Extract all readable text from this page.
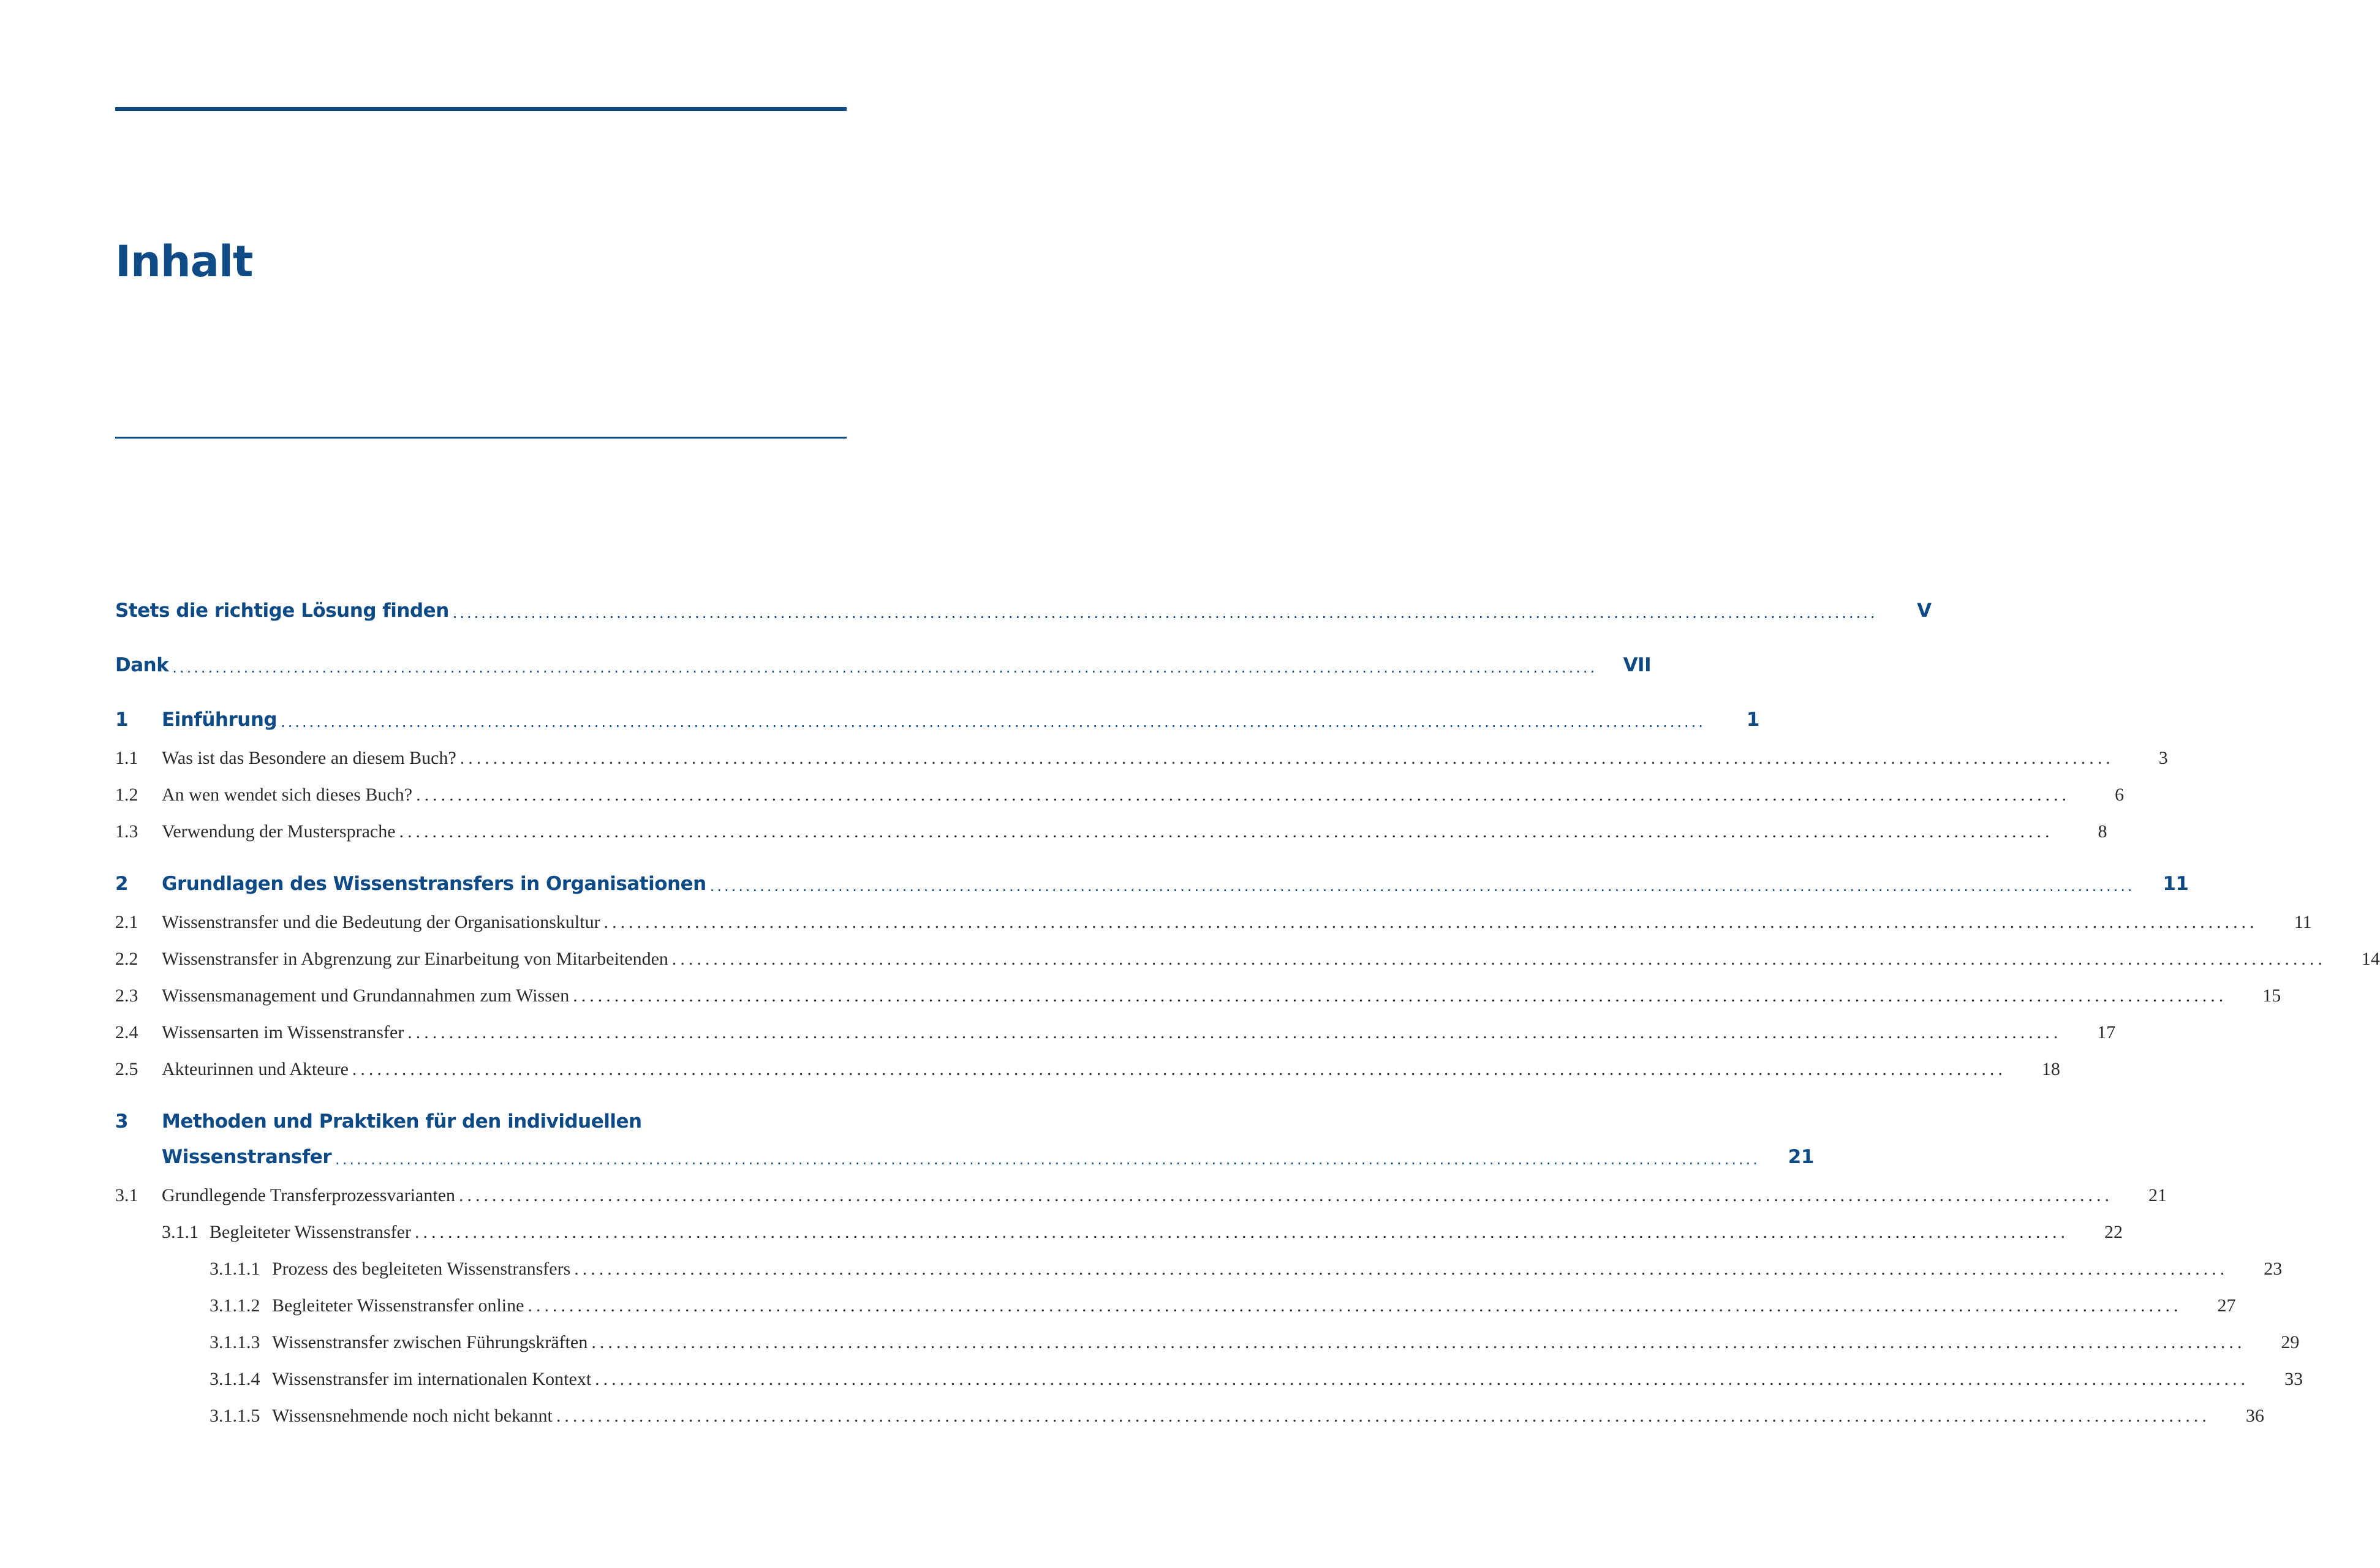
Inhalt
Stets die richtige Lösung finden ........................................................................................................................................................................................................	V
Dank ........................................................................................................................................................................................................	VII
1	Einführung ........................................................................................................................................................................................................	1
1.1	Was ist das Besondere an diesem Buch? ........................................................................................................................................................................................................	3
1.2	An wen wendet sich dieses Buch? ........................................................................................................................................................................................................	6
1.3	Verwendung der Mustersprache ........................................................................................................................................................................................................	8
2	Grundlagen des Wissenstransfers in Organisationen ........................................................................................................................................................................................................	11
2.1	Wissenstransfer und die Bedeutung der Organisationskultur ........................................................................................................................................................................................................	11
2.2	Wissenstransfer in Abgrenzung zur Einarbeitung von Mitarbeitenden ........................................................................................................................................................................................................	14
2.3	Wissensmanagement und Grundannahmen zum Wissen ........................................................................................................................................................................................................	15
2.4	Wissensarten im Wissenstransfer ........................................................................................................................................................................................................	17
2.5	Akteurinnen und Akteure ........................................................................................................................................................................................................	18
3	Methoden und Praktiken für den individuellen
Wissenstransfer ........................................................................................................................................................................................................	21
3.1	Grundlegende Transferprozessvarianten ........................................................................................................................................................................................................	21
3.1.1 Begleiteter Wissenstransfer ........................................................................................................................................................................................................	22
3.1.1.1 Prozess des begleiteten Wissenstransfers ........................................................................................................................................................................................................	23
3.1.1.2 Begleiteter Wissenstransfer online ........................................................................................................................................................................................................	27
3.1.1.3 Wissenstransfer zwischen Führungskräften ........................................................................................................................................................................................................	29
3.1.1.4 Wissenstransfer im internationalen Kontext ........................................................................................................................................................................................................	33
3.1.1.5 Wissensnehmende noch nicht bekannt ........................................................................................................................................................................................................	36
